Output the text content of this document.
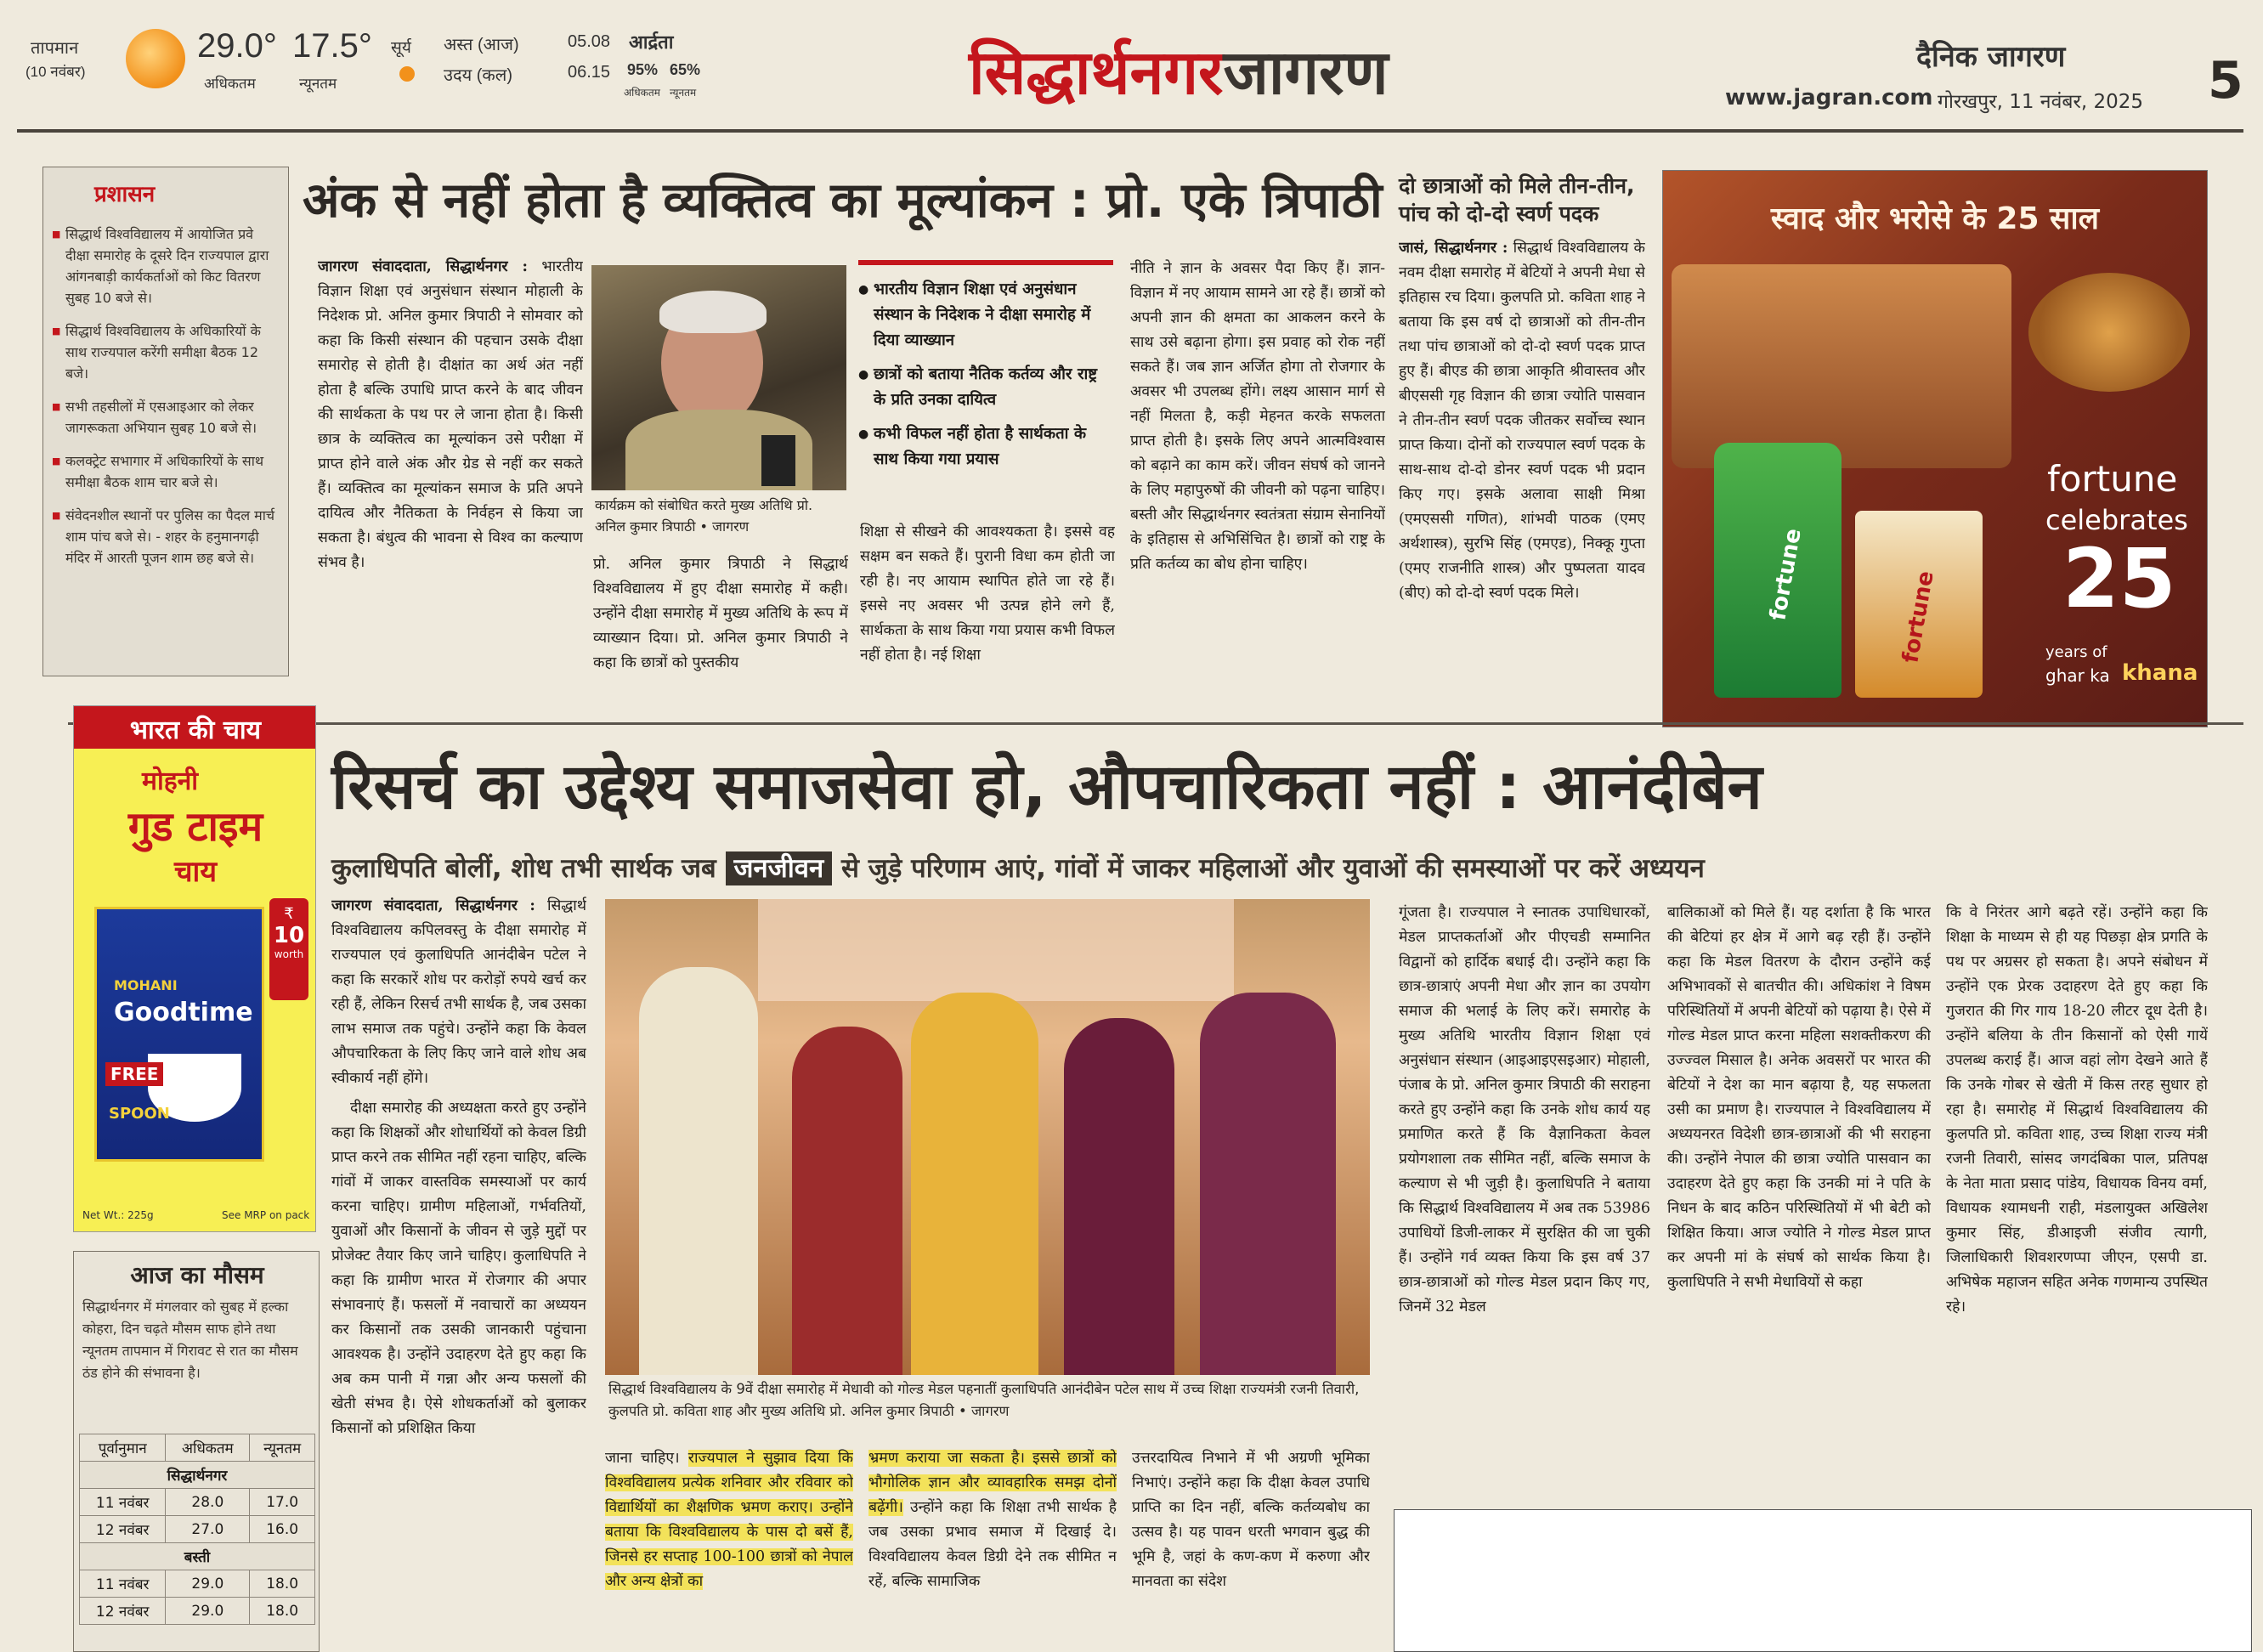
तापमान
(10 नवंबर)
29.0° 17.5°
अधिकतम	न्यूनतम
सूर्य अस्त (आज)	05.08
उदय (कल)	06.15
आर्द्रता
95% 65%
अधिकतम न्यूनतम	सिद्धार्थनगरजागरण	दैनिक जागरण
www.jagran.com गोरखपुर, 11 नवंबर, 2025 5
प्रशासन
■ सिद्धार्थ विश्वविद्यालय में आयोजित प्रवे दीक्षा समारोह के दूसरे दिन राज्यपाल द्वारा आंगनबाड़ी कार्यकर्ताओं को किट वितरण सुबह 10 बजे से।
■ सिद्धार्थ विश्वविद्यालय के अधिकारियों के साथ राज्यपाल करेंगी समीक्षा बैठक 12 बजे।
■ सभी तहसीलों में एसआइआर को लेकर जागरूकता अभियान सुबह 10 बजे से।
■ कलक्ट्रेट सभागार में अधिकारियों के साथ समीक्षा बैठक शाम चार बजे से।
■ संवेदनशील स्थानों पर पुलिस का पैदल मार्च शाम पांच बजे से। - शहर के हनुमानगढ़ी मंदिर में आरती पूजन शाम छह बजे से।
अंक से नहीं होता है व्यक्तित्व का मूल्यांकन : प्रो. एके त्रिपाठी

जागरण संवाददाता, सिद्धार्थनगर : भारतीय विज्ञान शिक्षा एवं अनुसंधान संस्थान मोहाली के निदेशक प्रो. अनिल कुमार त्रिपाठी ने सोमवार को कहा कि किसी संस्थान की पहचान उसके दीक्षा समारोह से होती है। दीक्षांत का अर्थ अंत नहीं होता है बल्कि उपाधि प्राप्त करने के बाद जीवन की सार्थकता के पथ पर ले जाना होता है। किसी छात्र के व्यक्तित्व का मूल्यांकन उसे परीक्षा में प्राप्त होने वाले अंक और ग्रेड से नहीं कर सकते हैं। व्यक्तित्व का मूल्यांकन समाज के प्रति अपने दायित्व और नैतिकता के निर्वहन से किया जा सकता है। बंधुत्व की भावना से विश्व का कल्याण संभव है।

कार्यक्रम को संबोधित करते मुख्य अतिथि प्रो. अनिल कुमार त्रिपाठी • जागरण

प्रो. अनिल कुमार त्रिपाठी ने सिद्धार्थ विश्वविद्यालय में हुए दीक्षा समारोह में कही। उन्होंने दीक्षा समारोह में मुख्य अतिथि के रूप में व्याख्यान दिया। प्रो. अनिल कुमार त्रिपाठी ने कहा कि छात्रों को पुस्तकीय

● भारतीय विज्ञान शिक्षा एवं अनुसंधान संस्थान के निदेशक ने दीक्षा समारोह में दिया व्याख्यान
● छात्रों को बताया नैतिक कर्तव्य और राष्ट्र के प्रति उनका दायित्व
● कभी विफल नहीं होता है सार्थकता के साथ किया गया प्रयास

शिक्षा से सीखने की आवश्यकता है। इससे वह सक्षम बन सकते हैं। पुरानी विधा कम होती जा रही है। नए आयाम स्थापित होते जा रहे हैं। इससे नए अवसर भी उत्पन्न होने लगे हैं, सार्थकता के साथ किया गया प्रयास कभी विफल नहीं होता है। नई शिक्षा

नीति ने ज्ञान के अवसर पैदा किए हैं। ज्ञान-विज्ञान में नए आयाम सामने आ रहे हैं। छात्रों को अपनी ज्ञान की क्षमता का आकलन करने के साथ उसे बढ़ाना होगा। इस प्रवाह को रोक नहीं सकते हैं। जब ज्ञान अर्जित होगा तो रोजगार के अवसर भी उपलब्ध होंगे। लक्ष्य आसान मार्ग से नहीं मिलता है, कड़ी मेहनत करके सफलता प्राप्त होती है। इसके लिए अपने आत्मविश्वास को बढ़ाने का काम करें। जीवन संघर्ष को जानने के लिए महापुरुषों की जीवनी को पढ़ना चाहिए। बस्ती और सिद्धार्थनगर स्वतंत्रता संग्राम सेनानियों के इतिहास से अभिसिंचित है। छात्रों को राष्ट्र के प्रति कर्तव्य का बोध होना चाहिए।

दो छात्राओं को मिले तीन-तीन, पांच को दो-दो स्वर्ण पदक

जासं, सिद्धार्थनगर : सिद्धार्थ विश्वविद्यालय के नवम दीक्षा समारोह में बेटियों ने अपनी मेधा से इतिहास रच दिया। कुलपति प्रो. कविता शाह ने बताया कि इस वर्ष दो छात्राओं को तीन-तीन तथा पांच छात्राओं को दो-दो स्वर्ण पदक प्राप्त हुए हैं। बीएड की छात्रा आकृति श्रीवास्तव और बीएससी गृह विज्ञान की छात्रा ज्योति पासवान ने तीन-तीन स्वर्ण पदक जीतकर सर्वोच्च स्थान प्राप्त किया। दोनों को राज्यपाल स्वर्ण पदक के साथ-साथ दो-दो डोनर स्वर्ण पदक भी प्रदान किए गए। इसके अलावा साक्षी मिश्रा (एमएससी गणित), शांभवी पाठक (एमए अर्थशास्त्र), सुरभि सिंह (एमएड), निक्कू गुप्ता (एमए राजनीति शास्त्र) और पुष्पलता यादव (बीए) को दो-दो स्वर्ण पदक मिले।

स्वाद और भरोसे के 25 साल
fortune	fortune
fortune
celebrates
25
years of
ghar ka khana
भारत की चाय
मोहनी
गुड टाइम
चाय
MOHANI
Goodtime
FREE
SPOON
₹
10
worth
Net Wt.: 225g	See MRP on pack
आज का मौसम
सिद्धार्थनगर में मंगलवार को सुबह में हल्का कोहरा, दिन चढ़ते मौसम साफ होने तथा न्यूनतम तापमान में गिरावट से रात का मौसम ठंड होने की संभावना है।
पूर्वानुमान	अधिकतम	न्यूनतम
सिद्धार्थनगर		
11 नवंबर	28.0	17.0
12 नवंबर	27.0	16.0
बस्ती		
11 नवंबर	29.0	18.0
12 नवंबर	29.0	18.0
रिसर्च का उद्देश्य समाजसेवा हो, औपचारिकता नहीं : आनंदीबेन
कुलाधिपति बोलीं, शोध तभी सार्थक जब जनजीवन से जुड़े परिणाम आएं, गांवों में जाकर महिलाओं और युवाओं की समस्याओं पर करें अध्ययन

जागरण संवाददाता, सिद्धार्थनगर : सिद्धार्थ विश्वविद्यालय कपिलवस्तु के दीक्षा समारोह में राज्यपाल एवं कुलाधिपति आनंदीबेन पटेल ने कहा कि सरकारें शोध पर करोड़ों रुपये खर्च कर रही हैं, लेकिन रिसर्च तभी सार्थक है, जब उसका लाभ समाज तक पहुंचे। उन्होंने कहा कि केवल औपचारिकता के लिए किए जाने वाले शोध अब स्वीकार्य नहीं होंगे।

दीक्षा समारोह की अध्यक्षता करते हुए उन्होंने कहा कि शिक्षकों और शोधार्थियों को केवल डिग्री प्राप्त करने तक सीमित नहीं रहना चाहिए, बल्कि गांवों में जाकर वास्तविक समस्याओं पर कार्य करना चाहिए। ग्रामीण महिलाओं, गर्भवतियों, युवाओं और किसानों के जीवन से जुड़े मुद्दों पर प्रोजेक्ट तैयार किए जाने चाहिए। कुलाधिपति ने कहा कि ग्रामीण भारत में रोजगार की अपार संभावनाएं हैं। फसलों में नवाचारों का अध्ययन कर किसानों तक उसकी जानकारी पहुंचाना आवश्यक है। उन्होंने उदाहरण देते हुए कहा कि अब कम पानी में गन्ना और अन्य फसलों की खेती संभव है। ऐसे शोधकर्ताओं को बुलाकर किसानों को प्रशिक्षित किया

सिद्धार्थ विश्वविद्यालय के 9वें दीक्षा समारोह में मेधावी को गोल्ड मेडल पहनातीं कुलाधिपति आनंदीबेन पटेल साथ में उच्च शिक्षा राज्यमंत्री रजनी तिवारी, कुलपति प्रो. कविता शाह और मुख्य अतिथि प्रो. अनिल कुमार त्रिपाठी • जागरण

जाना चाहिए। राज्यपाल ने सुझाव दिया कि विश्वविद्यालय प्रत्येक शनिवार और रविवार को विद्यार्थियों का शैक्षणिक भ्रमण कराए। उन्होंने बताया कि विश्वविद्यालय के पास दो बसें हैं, जिनसे हर सप्ताह 100-100 छात्रों को नेपाल और अन्य क्षेत्रों का

भ्रमण कराया जा सकता है। इससे छात्रों को भौगोलिक ज्ञान और व्यावहारिक समझ दोनों बढ़ेंगी। उन्होंने कहा कि शिक्षा तभी सार्थक है जब उसका प्रभाव समाज में दिखाई दे। विश्वविद्यालय केवल डिग्री देने तक सीमित न रहें, बल्कि सामाजिक

उत्तरदायित्व निभाने में भी अग्रणी भूमिका निभाएं। उन्होंने कहा कि दीक्षा केवल उपाधि प्राप्ति का दिन नहीं, बल्कि कर्तव्यबोध का उत्सव है। यह पावन धरती भगवान बुद्ध की भूमि है, जहां के कण-कण में करुणा और मानवता का संदेश

गूंजता है। राज्यपाल ने स्नातक उपाधिधारकों, मेडल प्राप्तकर्ताओं और पीएचडी सम्मानित विद्वानों को हार्दिक बधाई दी। उन्होंने कहा कि छात्र-छात्राएं अपनी मेधा और ज्ञान का उपयोग समाज की भलाई के लिए करें। समारोह के मुख्य अतिथि भारतीय विज्ञान शिक्षा एवं अनुसंधान संस्थान (आइआइएसइआर) मोहाली, पंजाब के प्रो. अनिल कुमार त्रिपाठी की सराहना करते हुए उन्होंने कहा कि उनके शोध कार्य यह प्रमाणित करते हैं कि वैज्ञानिकता केवल प्रयोगशाला तक सीमित नहीं, बल्कि समाज के कल्याण से भी जुड़ी है। कुलाधिपति ने बताया कि सिद्धार्थ विश्वविद्यालय में अब तक 53986 उपाधियों डिजी-लाकर में सुरक्षित की जा चुकी हैं। उन्होंने गर्व व्यक्त किया कि इस वर्ष 37 छात्र-छात्राओं को गोल्ड मेडल प्रदान किए गए, जिनमें 32 मेडल

बालिकाओं को मिले हैं। यह दर्शाता है कि भारत की बेटियां हर क्षेत्र में आगे बढ़ रही हैं। उन्होंने कहा कि मेडल वितरण के दौरान उन्होंने कई अभिभावकों से बातचीत की। अधिकांश ने विषम परिस्थितियों में अपनी बेटियों को पढ़ाया है। ऐसे में गोल्ड मेडल प्राप्त करना महिला सशक्तीकरण की उज्ज्वल मिसाल है। अनेक अवसरों पर भारत की बेटियों ने देश का मान बढ़ाया है, यह सफलता उसी का प्रमाण है। राज्यपाल ने विश्वविद्यालय में अध्ययनरत विदेशी छात्र-छात्राओं की भी सराहना की। उन्होंने नेपाल की छात्रा ज्योति पासवान का उदाहरण देते हुए कहा कि उनकी मां ने पति के निधन के बाद कठिन परिस्थितियों में भी बेटी को शिक्षित किया। आज ज्योति ने गोल्ड मेडल प्राप्त कर अपनी मां के संघर्ष को सार्थक किया है। कुलाधिपति ने सभी मेधावियों से कहा

कि वे निरंतर आगे बढ़ते रहें। उन्होंने कहा कि शिक्षा के माध्यम से ही यह पिछड़ा क्षेत्र प्रगति के पथ पर अग्रसर हो सकता है। अपने संबोधन में उन्होंने एक प्रेरक उदाहरण देते हुए कहा कि गुजरात की गिर गाय 18-20 लीटर दूध देती है। उन्होंने बलिया के तीन किसानों को ऐसी गायें उपलब्ध कराई हैं। आज वहां लोग देखने आते हैं कि उनके गोबर से खेती में किस तरह सुधार हो रहा है। समारोह में सिद्धार्थ विश्वविद्यालय की कुलपति प्रो. कविता शाह, उच्च शिक्षा राज्य मंत्री रजनी तिवारी, सांसद जगदंबिका पाल, प्रतिपक्ष के नेता माता प्रसाद पांडेय, विधायक विनय वर्मा, विधायक श्यामधनी राही, मंडलायुक्त अखिलेश कुमार सिंह, डीआइजी संजीव त्यागी, जिलाधिकारी शिवशरणप्पा जीएन, एसपी डा. अभिषेक महाजन सहित अनेक गणमान्य उपस्थित रहे।
